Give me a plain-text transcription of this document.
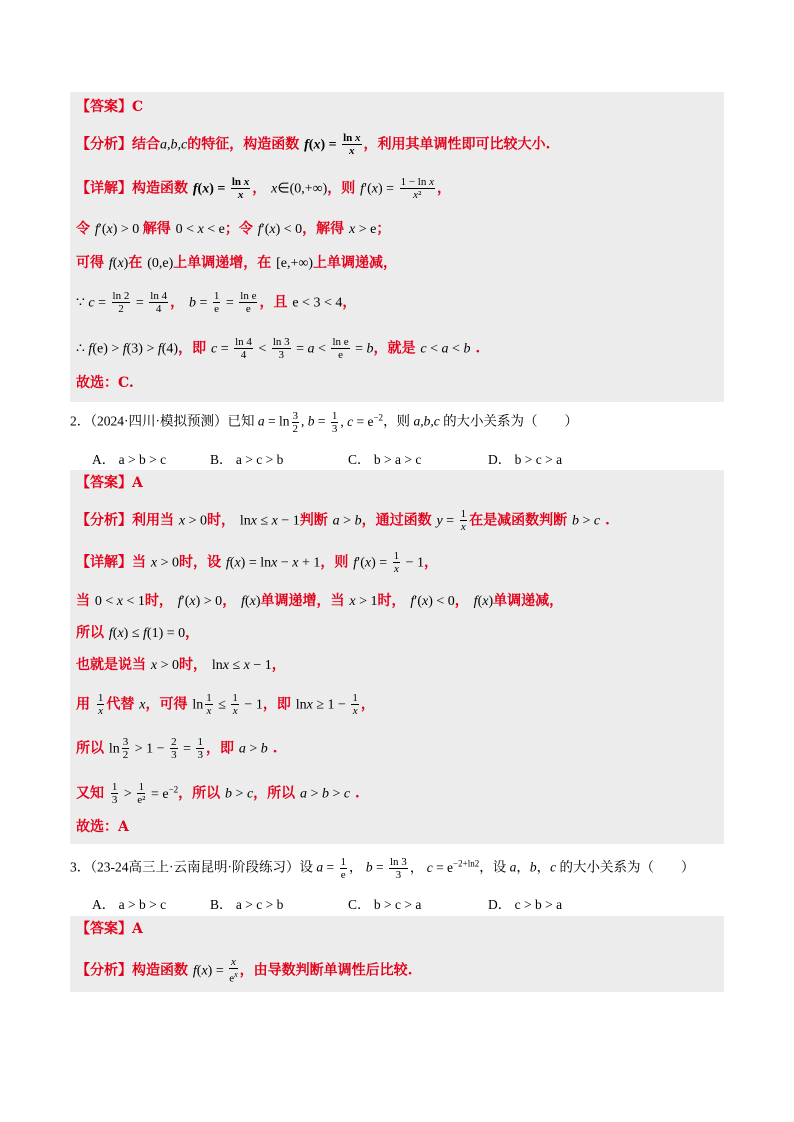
【答案】C
【分析】结合a,b,c的特征，构造函数 $f(x) = \frac{\text{ln x}}{x}$ ，利用其单调性即可比较大小.
【详解】构造函数 $f(x) = \frac{\text{ln x}}{x}$ ， x∈(0,+∞)，则 $f'(x) = \frac{\text{1 − ln x}}{\text{x²}}$ ，
令 f′(x) > 0 解得 0 < x < e；令 f′(x) < 0，解得 x > e；
可得 f(x)在 (0,e)上单调递增，在 [e,+∞)上单调递减，
∵ $c = \frac{\ln 2}{2} = \frac{\ln 4}{4}$ ， $b = \frac{1}{e} = \frac{\text{ln e}}{e}$ ，且 e < 3 < 4，
∴ f(e) > f(3) > f(4)，即 $c = \frac{\ln 4}{4} < \frac{\ln 3}{3} = a < \frac{\text{ln e}}{e} = b$，就是 c < a < b .
故选：C.
2．（2024·四川·模拟预测）已知 $a = \ln \frac{3}{2}$ , $b = \frac{1}{3}$ , $c = e^{-2}$，则 a,b,c 的大小关系为（　　）
A． a > b > c	B． a > c > b	C． b > a > c	D． b > c > a
【答案】A
【分析】利用当 x > 0时， lnx ≤ x − 1判断 a > b，通过函数 $y = \frac{1}{x}$ 在是减函数判断 b > c .
【详解】当 x > 0时，设 f(x) = lnx − x + 1，则 $f'(x) = \frac{1}{x} - 1$，
当 0 < x < 1时， f′(x) > 0， f(x)单调递增，当 x > 1时， f′(x) < 0， f(x)单调递减，
所以 f(x) ≤ f(1) = 0，
也就是说当 x > 0时， lnx ≤ x − 1，
用 $\frac{1}{x}$ 代替 x，可得 $\ln \frac{1}{x} \le \frac{1}{x} - 1$，即 $\ln x \ge 1 - \frac{1}{x}$ ，
所以 $\ln \frac{3}{2} > 1 - \frac{2}{3} = \frac{1}{3}$ ，即 a > b .
又知 $\frac{1}{3} > \frac{1}{\text{e²}} = e^{-2}$，所以 b > c，所以 a > b > c .
故选：A
3．（23-24高三上·云南昆明·阶段练习）设 $a = \frac{1}{e}$ ， $b = \frac{\ln 3}{3}$ ， $c = e^{-2+ln2}$，设 a，b，c 的大小关系为（　　）
A． a > b > c	B． a > c > b	C． b > c > a	D． c > b > a
【答案】A
【分析】构造函数 $f(x) = \frac{x}{e^x}$ ，由导数判断单调性后比较.
